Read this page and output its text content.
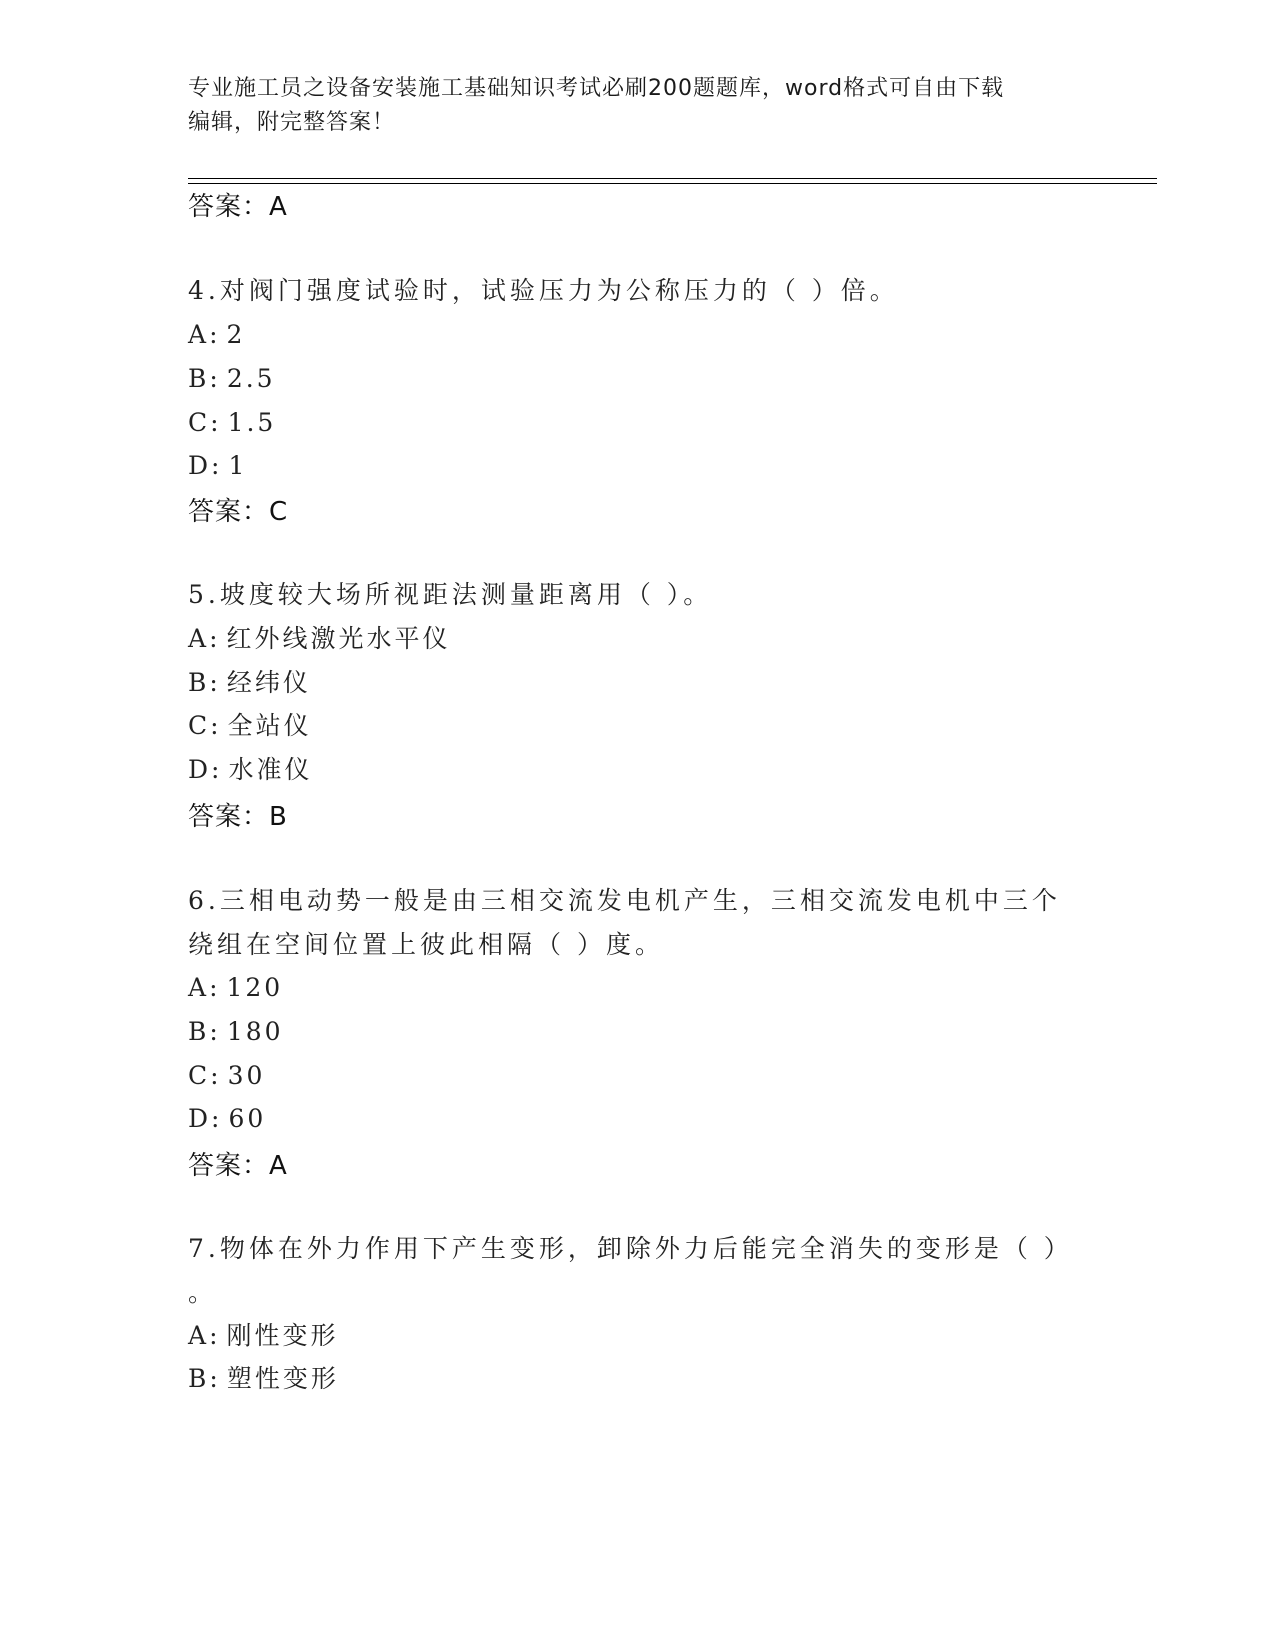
专业施工员之设备安装施工基础知识考试必刷200题题库，word格式可自由下载
编辑，附完整答案！
答案：A
4.对阀门强度试验时，试验压力为公称压力的（ ）倍。
A: 2
B: 2.5
C: 1.5
D: 1
答案：C
5.坡度较大场所视距法测量距离用（ ）。
A: 红外线激光水平仪
B: 经纬仪
C: 全站仪
D: 水准仪
答案：B
6.三相电动势一般是由三相交流发电机产生，三相交流发电机中三个
绕组在空间位置上彼此相隔（ ）度。
A: 120
B: 180
C: 30
D: 60
答案：A
7.物体在外力作用下产生变形，卸除外力后能完全消失的变形是（ ）
。
A: 刚性变形
B: 塑性变形
